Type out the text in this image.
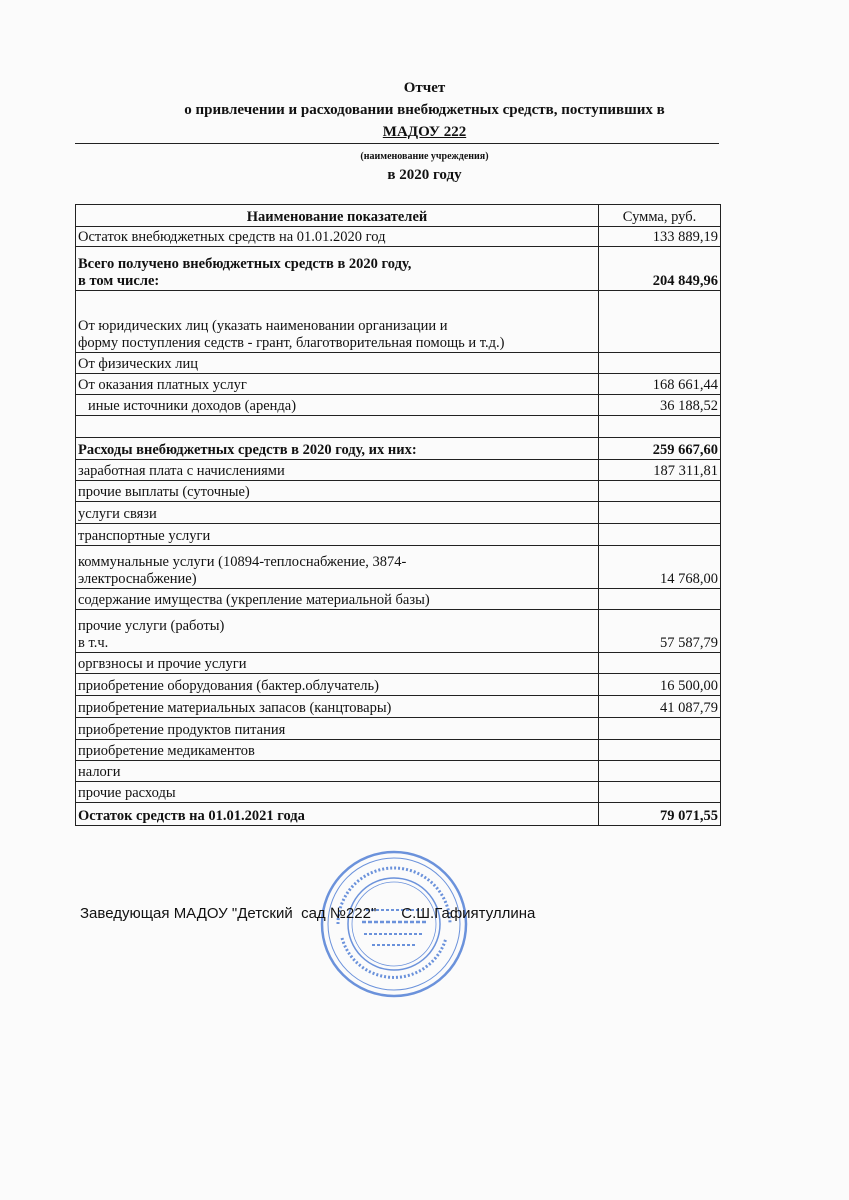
Отчет
о привлечении и расходовании внебюджетных средств, поступивших в
МАДОУ 222
(наименование учреждения)
в 2020 году
Наименование показателей	Сумма, руб.
Остаток внебюджетных средств на 01.01.2020 год	133 889,19
Всего получено внебюджетных средств в 2020 году,
в том числе:	204 849,96
От юридических лиц (указать наименовании организации и
форму поступления седств - грант, благотворительная помощь и т.д.)	
От физических лиц	
От оказания платных услуг	168 661,44
иные источники доходов (аренда)	36 188,52

Расходы внебюджетных средств в 2020 году, их них:	259 667,60
заработная плата с начислениями	187 311,81
прочие выплаты (суточные)	
услуги связи	
транспортные услуги	
коммунальные услуги (10894-теплоснабжение, 3874-
электроснабжение)	14 768,00
содержание имущества (укрепление материальной базы)	
прочие услуги (работы)
в т.ч.	57 587,79
оргвзносы и прочие услуги	
приобретение оборудования (бактер.облучатель)	16 500,00
приобретение материальных запасов (канцтовары)	41 087,79
приобретение продуктов питания	
приобретение медикаментов	
налоги	
прочие расходы	
Остаток средств на 01.01.2021 года	79 071,55
Заведующая МАДОУ "Детский  сад №222"      С.Ш.Гафиятуллина
